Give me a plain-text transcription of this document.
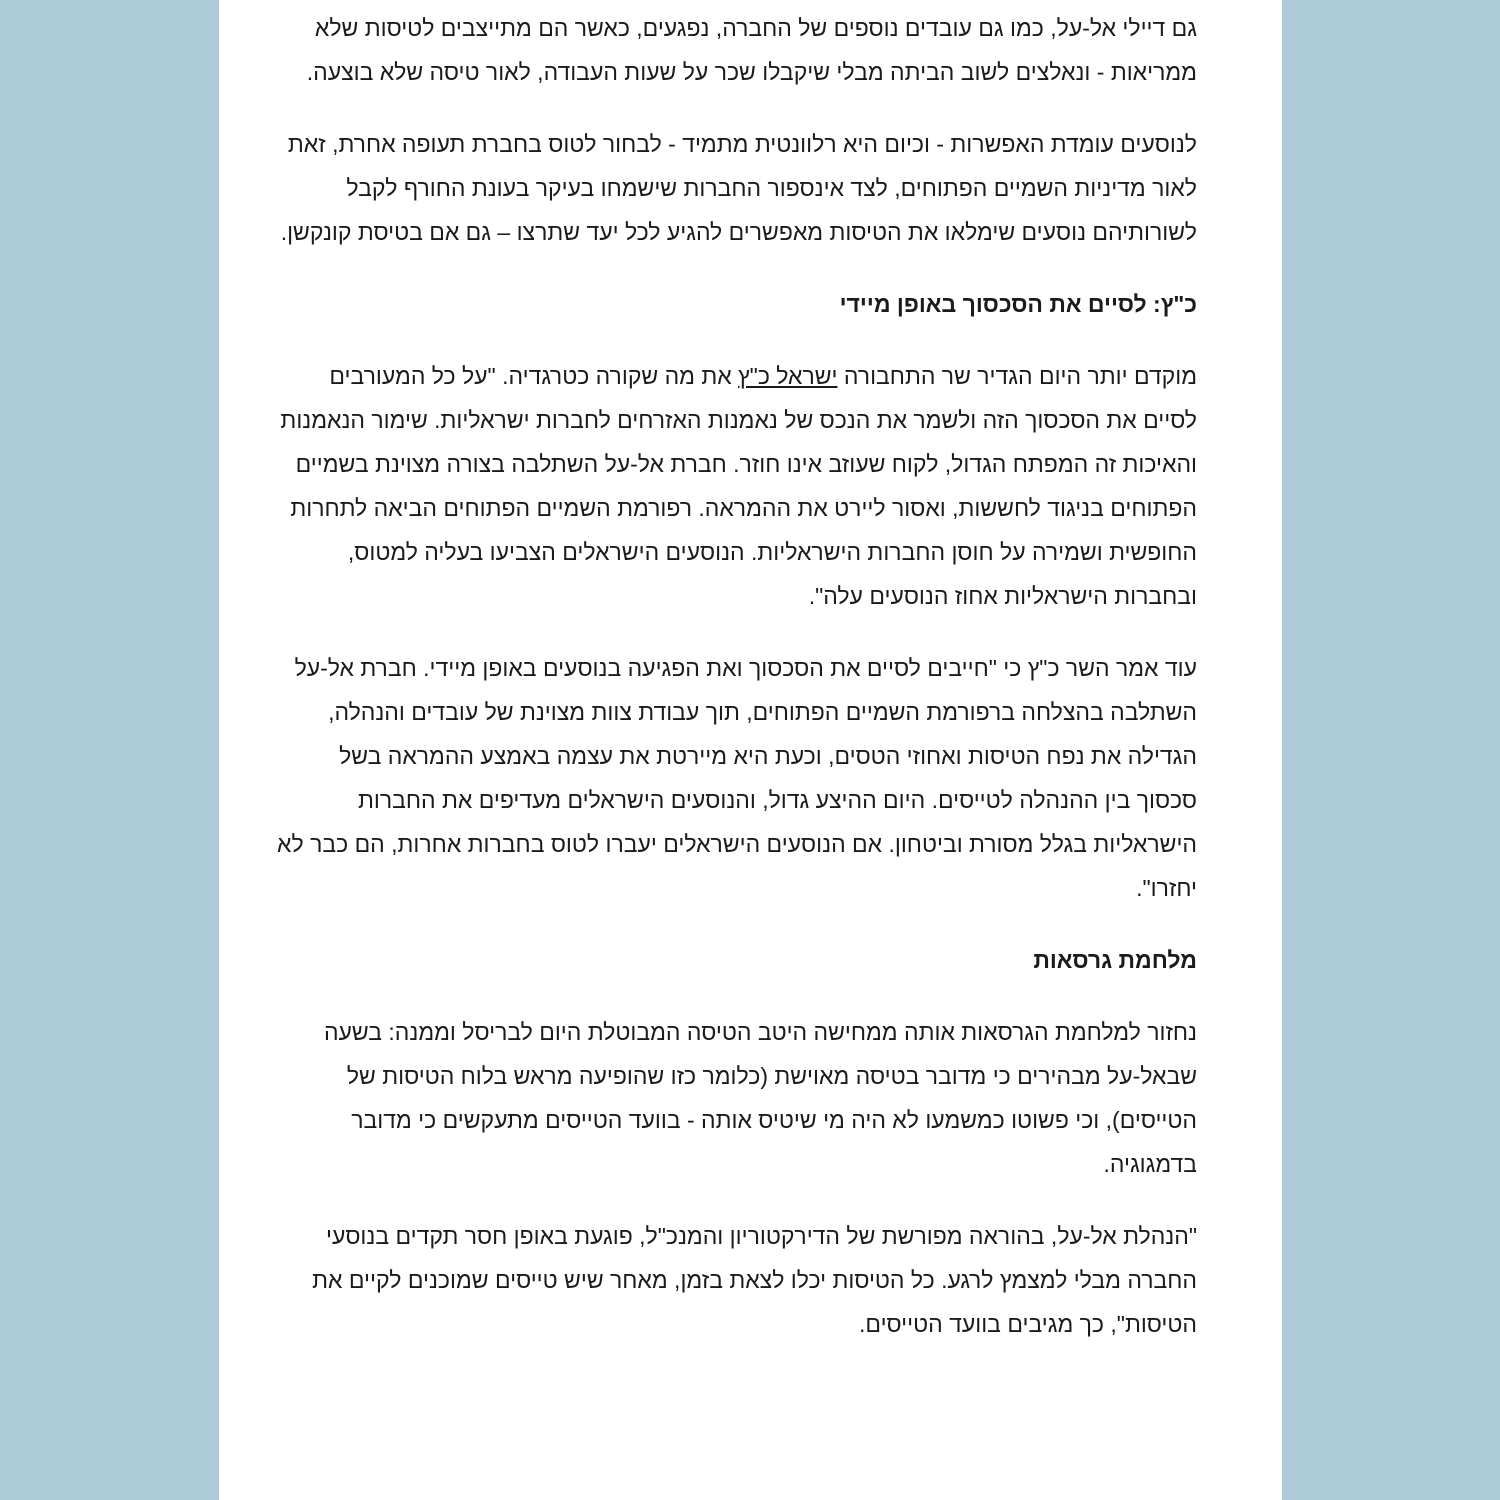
גם דיילי אל-על, כמו גם עובדים נוספים של החברה, נפגעים, כאשר הם מתייצבים לטיסות שלא ממריאות - ונאלצים לשוב הביתה מבלי שיקבלו שכר על שעות העבודה, לאור טיסה שלא בוצעה.

לנוסעים עומדת האפשרות - וכיום היא רלוונטית מתמיד - לבחור לטוס בחברת תעופה אחרת, זאת לאור מדיניות השמיים הפתוחים, לצד אינספור החברות שישמחו בעיקר בעונת החורף לקבל לשורותיהם נוסעים שימלאו את הטיסות מאפשרים להגיע לכל יעד שתרצו – גם אם בטיסת קונקשן.

כ"ץ: לסיים את הסכסוך באופן מיידי

מוקדם יותר היום הגדיר שר התחבורה ישראל כ"ץ את מה שקורה כטרגדיה. "על כל המעורבים לסיים את הסכסוך הזה ולשמר את הנכס של נאמנות האזרחים לחברות ישראליות. שימור הנאמנות והאיכות זה המפתח הגדול, לקוח שעוזב אינו חוזר. חברת אל-על השתלבה בצורה מצוינת בשמיים הפתוחים בניגוד לחששות, ואסור ליירט את ההמראה. רפורמת השמיים הפתוחים הביאה לתחרות החופשית ושמירה על חוסן החברות הישראליות. הנוסעים הישראלים הצביעו בעליה למטוס, ובחברות הישראליות אחוז הנוסעים עלה".

עוד אמר השר כ"ץ כי "חייבים לסיים את הסכסוך ואת הפגיעה בנוסעים באופן מיידי. חברת אל-על השתלבה בהצלחה ברפורמת השמיים הפתוחים, תוך עבודת צוות מצוינת של עובדים והנהלה, הגדילה את נפח הטיסות ואחוזי הטסים, וכעת היא מיירטת את עצמה באמצע ההמראה בשל סכסוך בין ההנהלה לטייסים. היום ההיצע גדול, והנוסעים הישראלים מעדיפים את החברות הישראליות בגלל מסורת וביטחון. אם הנוסעים הישראלים יעברו לטוס בחברות אחרות, הם כבר לא יחזרו".

מלחמת גרסאות

נחזור למלחמת הגרסאות אותה ממחישה היטב הטיסה המבוטלת היום לבריסל וממנה: בשעה שבאל-על מבהירים כי מדובר בטיסה מאוישת (כלומר כזו שהופיעה מראש בלוח הטיסות של הטייסים), וכי פשוטו כמשמעו לא היה מי שיטיס אותה - בוועד הטייסים מתעקשים כי מדובר בדמגוגיה.

"הנהלת אל-על, בהוראה מפורשת של הדירקטוריון והמנכ"ל, פוגעת באופן חסר תקדים בנוסעי החברה מבלי למצמץ לרגע. כל הטיסות יכלו לצאת בזמן, מאחר שיש טייסים שמוכנים לקיים את הטיסות", כך מגיבים בוועד הטייסים.
